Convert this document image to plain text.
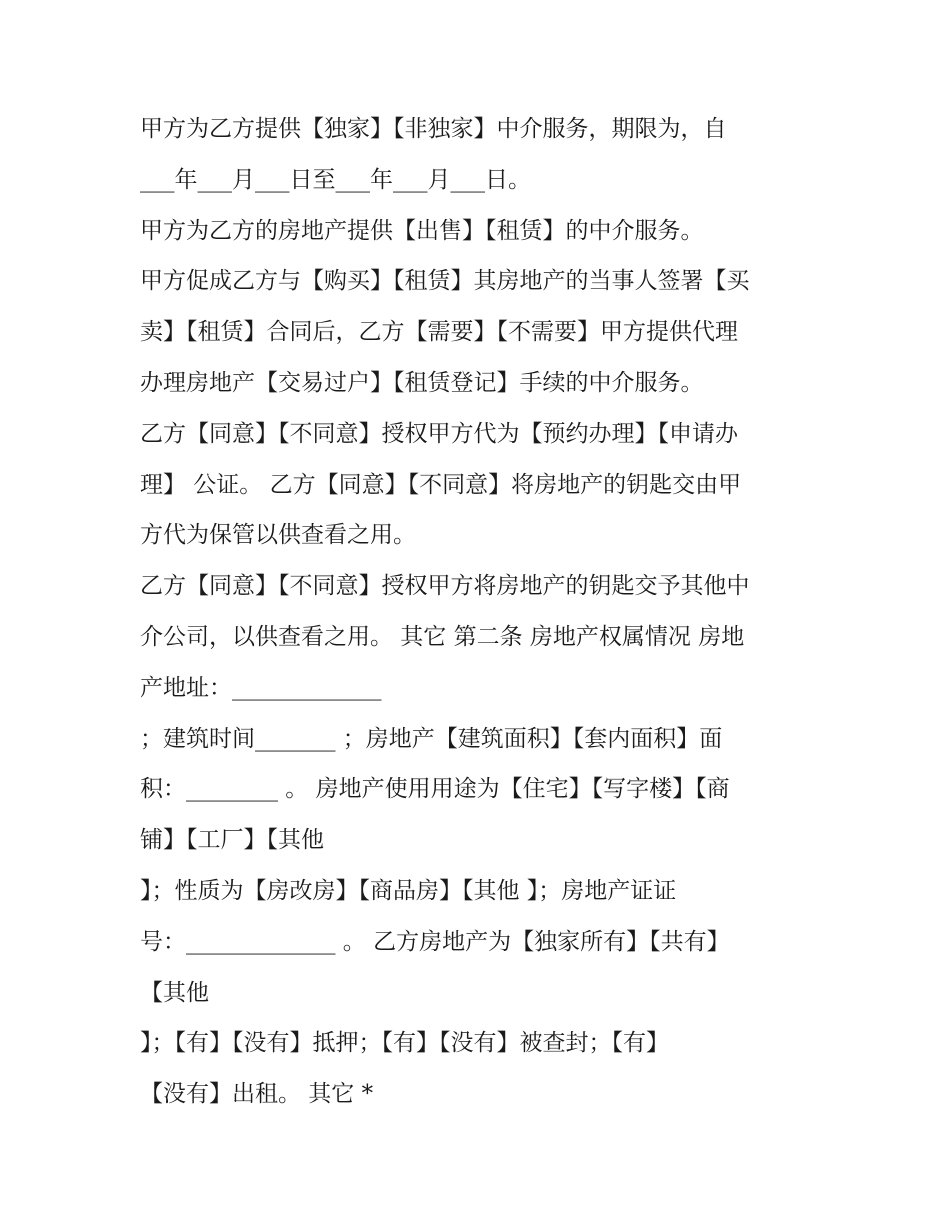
甲方为乙方提供【独家】【非独家】中介服务，期限为，自
___年___月___日至___年___月___日。
甲方为乙方的房地产提供【出售】【租赁】的中介服务。
甲方促成乙方与【购买】【租赁】其房地产的当事人签署【买
卖】【租赁】合同后，乙方【需要】【不需要】甲方提供代理
办理房地产【交易过户】【租赁登记】手续的中介服务。
乙方【同意】【不同意】授权甲方代为【预约办理】【申请办
理】 公证。 乙方【同意】【不同意】将房地产的钥匙交由甲
方代为保管以供查看之用。
乙方【同意】【不同意】授权甲方将房地产的钥匙交予其他中
介公司，以供查看之用。 其它 第二条 房地产权属情况 房地
产地址：_____________
；建筑时间_______ ；房地产【建筑面积】【套内面积】面
积：________ 。 房地产使用用途为【住宅】【写字楼】【商
铺】【工厂】【其他
】；性质为【房改房】【商品房】【其他 】；房地产证证
号：_____________ 。 乙方房地产为【独家所有】【共有】
【其他
】；【有】【没有】抵押；【有】【没有】被查封；【有】
【没有】出租。 其它 *
